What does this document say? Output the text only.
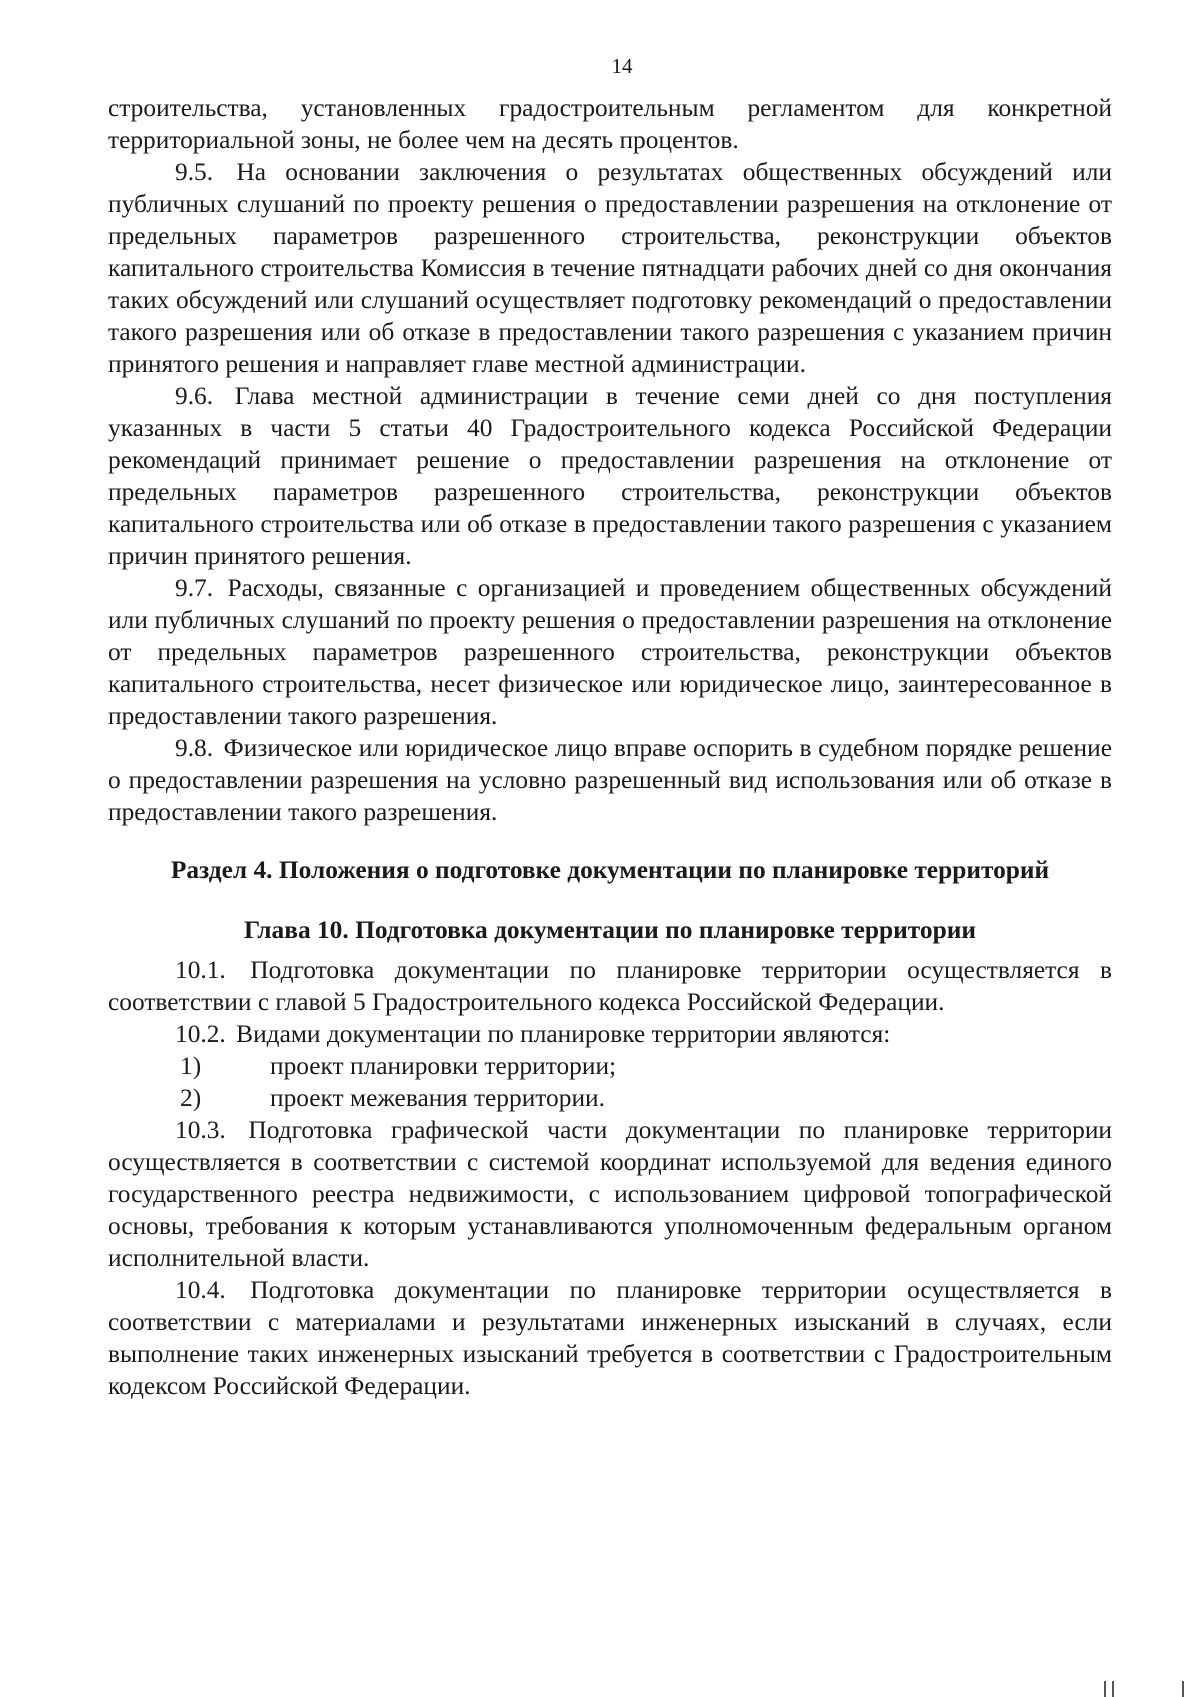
14

строительства, установленных градостроительным регламентом для конкретной территориальной зоны, не более чем на десять процентов.

9.5. На основании заключения о результатах общественных обсуждений или публичных слушаний по проекту решения о предоставлении разрешения на отклонение от предельных параметров разрешенного строительства, реконструкции объектов капитального строительства Комиссия в течение пятнадцати рабочих дней со дня окончания таких обсуждений или слушаний осуществляет подготовку рекомендаций о предоставлении такого разрешения или об отказе в предоставлении такого разрешения с указанием причин принятого решения и направляет главе местной администрации.

9.6. Глава местной администрации в течение семи дней со дня поступления указанных в части 5 статьи 40 Градостроительного кодекса Российской Федерации рекомендаций принимает решение о предоставлении разрешения на отклонение от предельных параметров разрешенного строительства, реконструкции объектов капитального строительства или об отказе в предоставлении такого разрешения с указанием причин принятого решения.

9.7. Расходы, связанные с организацией и проведением общественных обсуждений или публичных слушаний по проекту решения о предоставлении разрешения на отклонение от предельных параметров разрешенного строительства, реконструкции объектов капитального строительства, несет физическое или юридическое лицо, заинтересованное в предоставлении такого разрешения.

9.8. Физическое или юридическое лицо вправе оспорить в судебном порядке решение о предоставлении разрешения на условно разрешенный вид использования или об отказе в предоставлении такого разрешения.

Раздел 4. Положения о подготовке документации по планировке территорий
Глава 10. Подготовка документации по планировке территории

10.1. Подготовка документации по планировке территории осуществляется в соответствии с главой 5 Градостроительного кодекса Российской Федерации.

10.2. Видами документации по планировке территории являются:

1)	проект планировки территории;
2)	проект межевания территории.

10.3. Подготовка графической части документации по планировке территории осуществляется в соответствии с системой координат используемой для ведения единого государственного реестра недвижимости, с использованием цифровой топографической основы, требования к которым устанавливаются уполномоченным федеральным органом исполнительной власти.

10.4. Подготовка документации по планировке территории осуществляется в соответствии с материалами и результатами инженерных изысканий в случаях, если выполнение таких инженерных изысканий требуется в соответствии с Градостроительным кодексом Российской Федерации.
